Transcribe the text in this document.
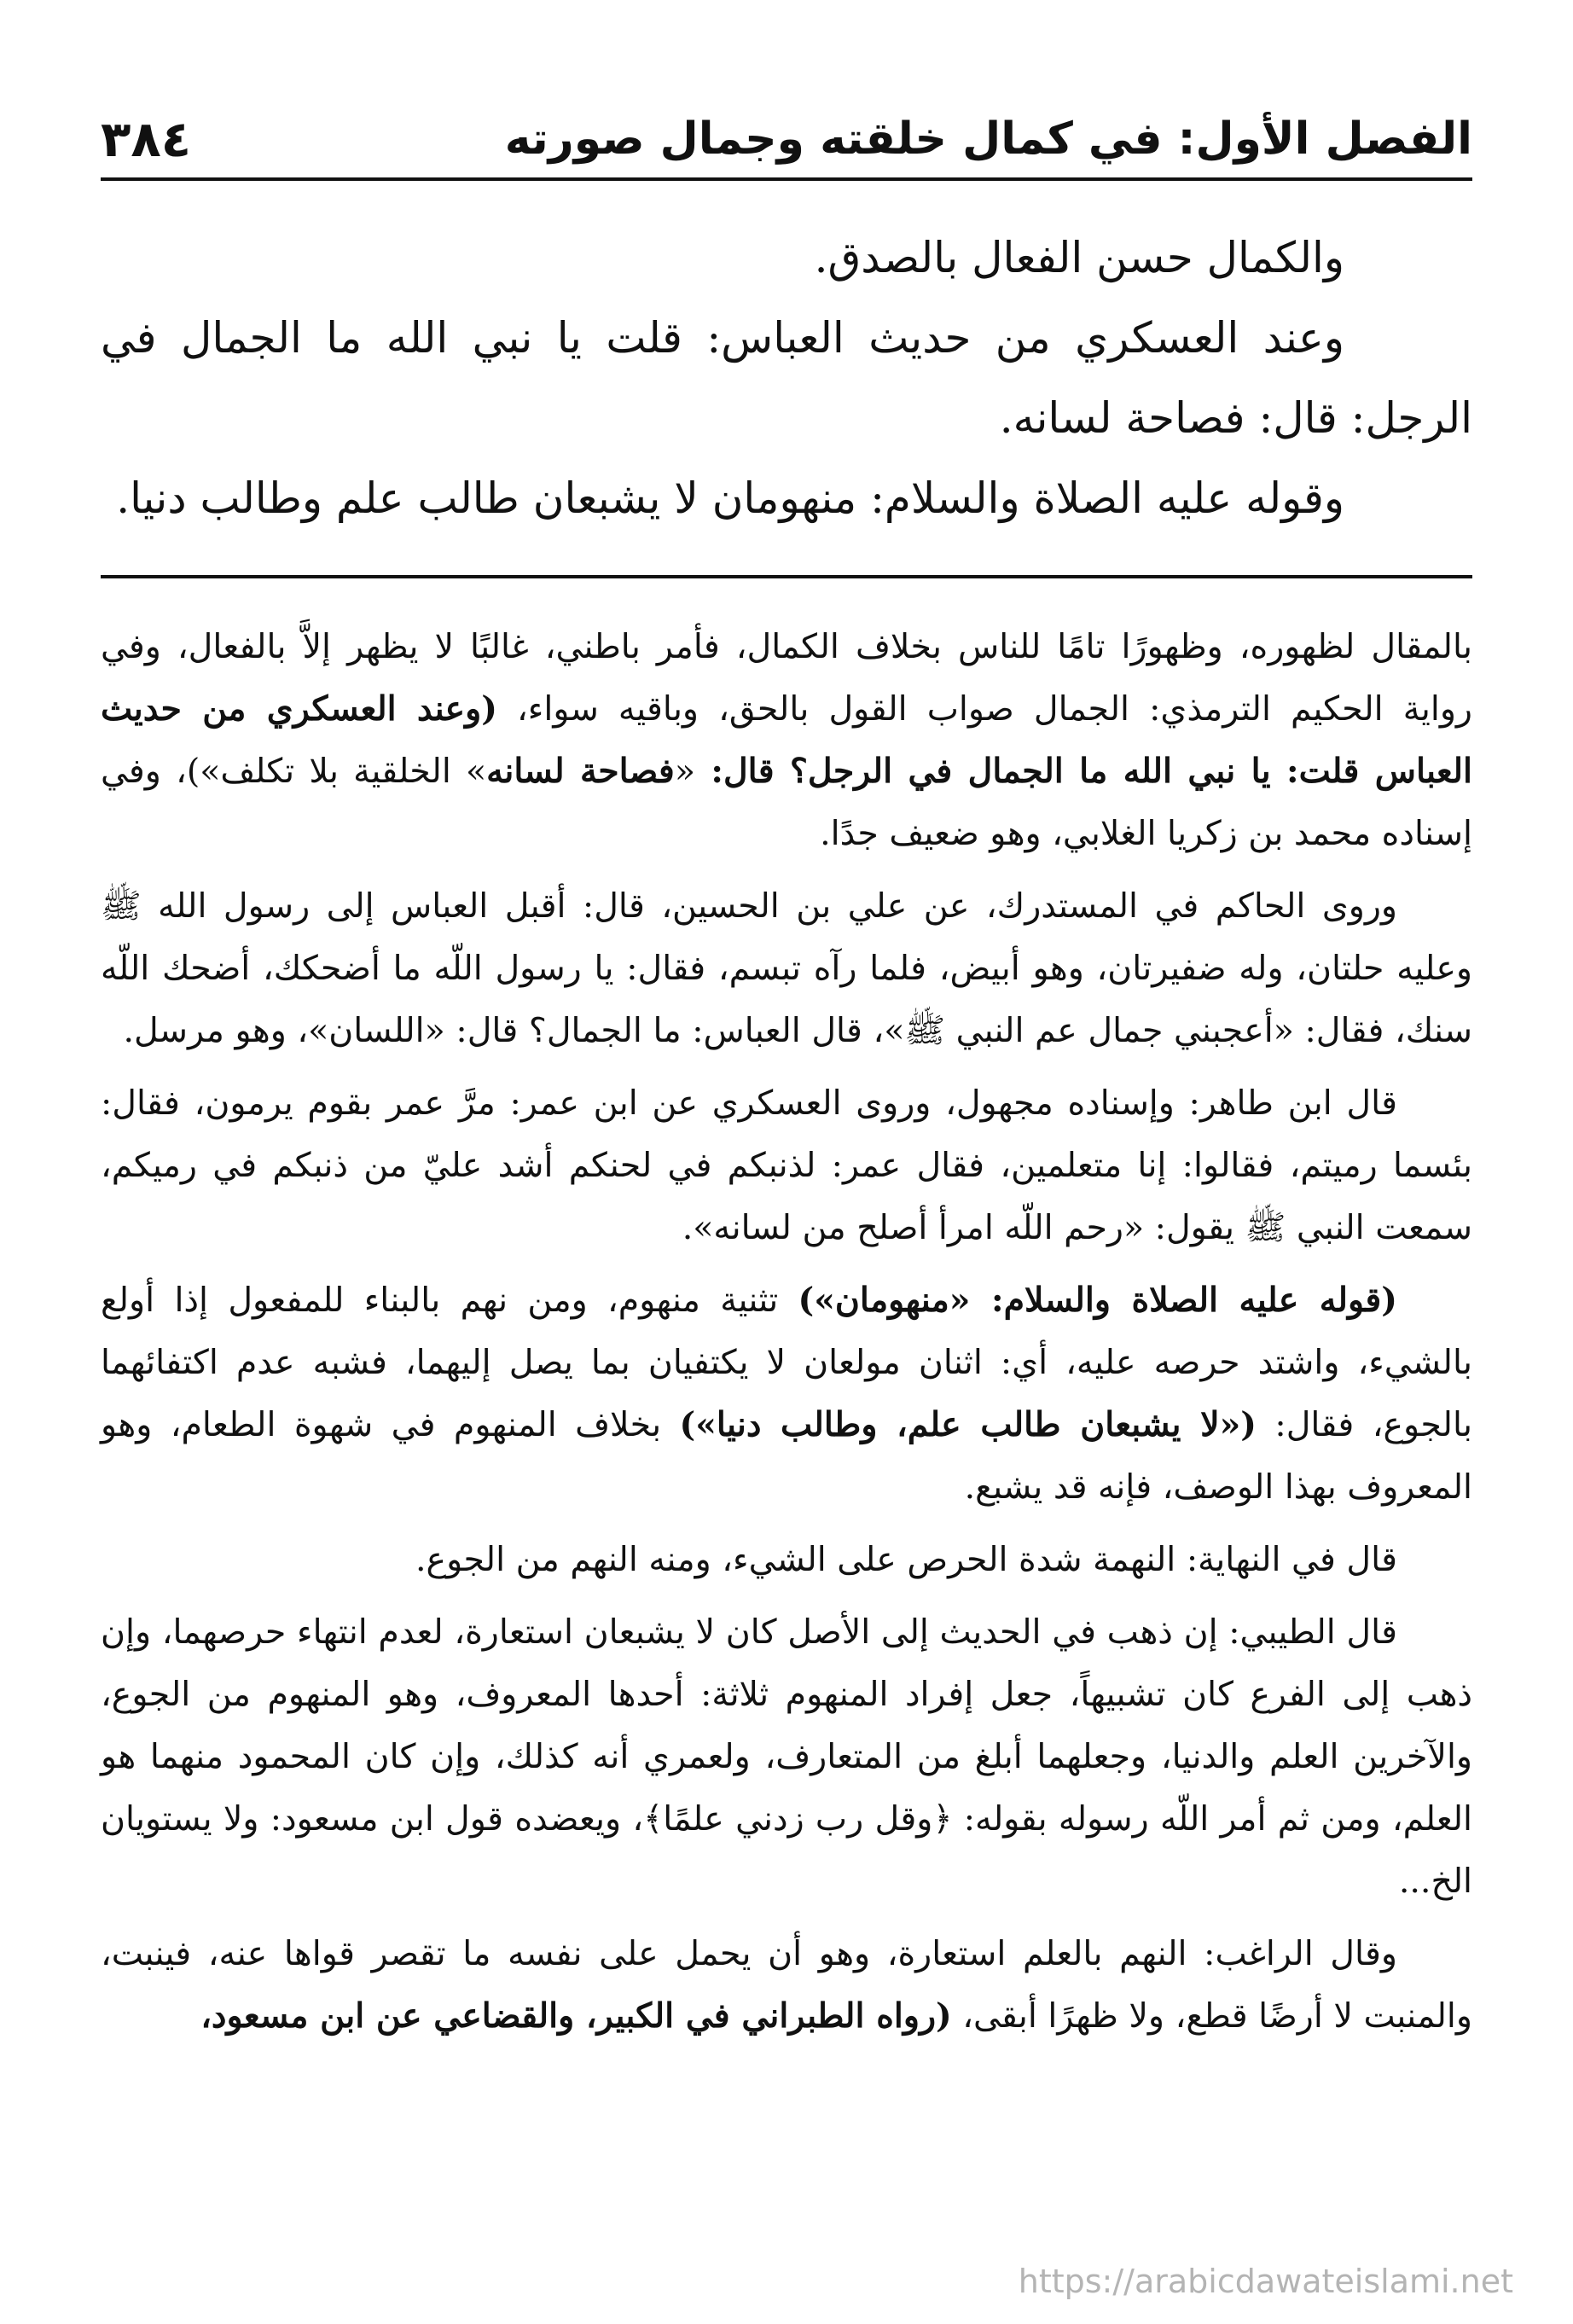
الفصل الأول: في كمال خلقته وجمال صورته
٣٨٤

والكمال حسن الفعال بالصدق.

وعند العسكري من حديث العباس: قلت يا نبي الله ما الجمال في الرجل: قال: فصاحة لسانه.

وقوله عليه الصلاة والسلام: منهومان لا يشبعان طالب علم وطالب دنيا.

بالمقال لظهوره، وظهورًا تامًا للناس بخلاف الكمال، فأمر باطني، غالبًا لا يظهر إلاَّ بالفعال، وفي رواية الحكيم الترمذي: الجمال صواب القول بالحق، وباقيه سواء، (وعند العسكري من حديث العباس قلت: يا نبي الله ما الجمال في الرجل؟ قال: «فصاحة لسانه» الخلقية بلا تكلف»)، وفي إسناده محمد بن زكريا الغلابي، وهو ضعيف جدًا.

وروى الحاكم في المستدرك، عن علي بن الحسين، قال: أقبل العباس إلى رسول الله ﷺ وعليه حلتان، وله ضفيرتان، وهو أبيض، فلما رآه تبسم، فقال: يا رسول اللّه ما أضحكك، أضحك اللّه سنك، فقال: «أعجبني جمال عم النبي ﷺ»، قال العباس: ما الجمال؟ قال: «اللسان»، وهو مرسل.

قال ابن طاهر: وإسناده مجهول، وروى العسكري عن ابن عمر: مرَّ عمر بقوم يرمون، فقال: بئسما رميتم، فقالوا: إنا متعلمين، فقال عمر: لذنبكم في لحنكم أشد عليّ من ذنبكم في رميكم، سمعت النبي ﷺ يقول: «رحم اللّه امرأ أصلح من لسانه».

(قوله عليه الصلاة والسلام: «منهومان») تثنية منهوم، ومن نهم بالبناء للمفعول إذا أولع بالشيء، واشتد حرصه عليه، أي: اثنان مولعان لا يكتفيان بما يصل إليهما، فشبه عدم اكتفائهما بالجوع، فقال: («لا يشبعان طالب علم، وطالب دنيا») بخلاف المنهوم في شهوة الطعام، وهو المعروف بهذا الوصف، فإنه قد يشبع.

قال في النهاية: النهمة شدة الحرص على الشيء، ومنه النهم من الجوع.

قال الطيبي: إن ذهب في الحديث إلى الأصل كان لا يشبعان استعارة، لعدم انتهاء حرصهما، وإن ذهب إلى الفرع كان تشبيهاً، جعل إفراد المنهوم ثلاثة: أحدها المعروف، وهو المنهوم من الجوع، والآخرين العلم والدنيا، وجعلهما أبلغ من المتعارف، ولعمري أنه كذلك، وإن كان المحمود منهما هو العلم، ومن ثم أمر اللّه رسوله بقوله: ﴿وقل رب زدني علمًا﴾، ويعضده قول ابن مسعود: ولا يستويان الخ...

وقال الراغب: النهم بالعلم استعارة، وهو أن يحمل على نفسه ما تقصر قواها عنه، فينبت، والمنبت لا أرضًا قطع، ولا ظهرًا أبقى، (رواه الطبراني في الكبير، والقضاعي عن ابن مسعود،

https://arabicdawateislami.net
